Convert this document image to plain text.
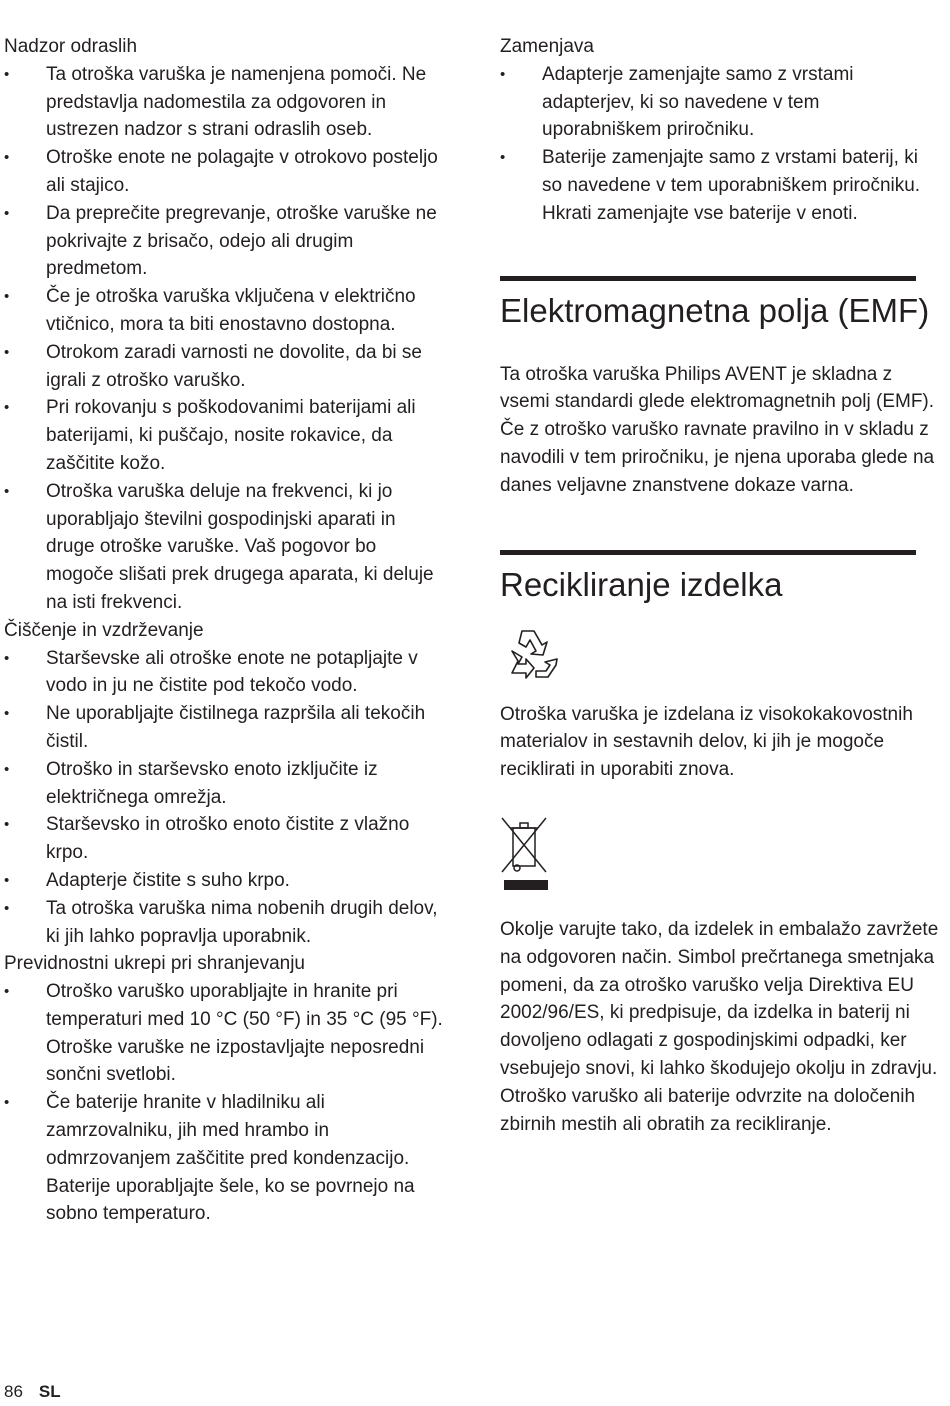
Nadzor odraslih
• Ta otroška varuška je namenjena pomoči. Ne predstavlja nadomestila za odgovoren in ustrezen nadzor s strani odraslih oseb.
• Otroške enote ne polagajte v otrokovo posteljo ali stajico.
• Da preprečite pregrevanje, otroške varuške ne pokrivajte z brisačo, odejo ali drugim predmetom.
• Če je otroška varuška vključena v električno vtičnico, mora ta biti enostavno dostopna.
• Otrokom zaradi varnosti ne dovolite, da bi se igrali z otroško varuško.
• Pri rokovanju s poškodovanimi baterijami ali baterijami, ki puščajo, nosite rokavice, da zaščitite kožo.
• Otroška varuška deluje na frekvenci, ki jo uporabljajo številni gospodinjski aparati in druge otroške varuške. Vaš pogovor bo mogoče slišati prek drugega aparata, ki deluje na isti frekvenci.
Čiščenje in vzdrževanje
• Starševske ali otroške enote ne potapljajte v vodo in ju ne čistite pod tekočo vodo.
• Ne uporabljajte čistilnega razpršila ali tekočih čistil.
• Otroško in starševsko enoto izključite iz električnega omrežja.
• Starševsko in otroško enoto čistite z vlažno krpo.
• Adapterje čistite s suho krpo.
• Ta otroška varuška nima nobenih drugih delov, ki jih lahko popravlja uporabnik.
Previdnostni ukrepi pri shranjevanju
• Otroško varuško uporabljajte in hranite pri temperaturi med 10 °C (50 °F) in 35 °C (95 °F). Otroške varuške ne izpostavljajte neposredni sončni svetlobi.
• Če baterije hranite v hladilniku ali zamrzovalniku, jih med hrambo in odmrzovanjem zaščitite pred kondenzacijo. Baterije uporabljajte šele, ko se povrnejo na sobno temperaturo.
Zamenjava
• Adapterje zamenjajte samo z vrstami adapterjev, ki so navedene v tem uporabniškem priročniku.
• Baterije zamenjajte samo z vrstami baterij, ki so navedene v tem uporabniškem priročniku. Hkrati zamenjajte vse baterije v enoti.
Elektromagnetna polja (EMF)

Ta otroška varuška Philips AVENT je skladna z vsemi standardi glede elektromagnetnih polj (EMF). Če z otroško varuško ravnate pravilno in v skladu z navodili v tem priročniku, je njena uporaba glede na danes veljavne znanstvene dokaze varna.

Recikliranje izdelka

Otroška varuška je izdelana iz visokokakovostnih materialov in sestavnih delov, ki jih je mogoče reciklirati in uporabiti znova.

Okolje varujte tako, da izdelek in embalažo zavržete na odgovoren način. Simbol prečrtanega smetnjaka pomeni, da za otroško varuško velja Direktiva EU 2002/96/ES, ki predpisuje, da izdelka in baterij ni dovoljeno odlagati z gospodinjskimi odpadki, ker vsebujejo snovi, ki lahko škodujejo okolju in zdravju. Otroško varuško ali baterije odvrzite na določenih zbirnih mestih ali obratih za recikliranje.

86 SL
